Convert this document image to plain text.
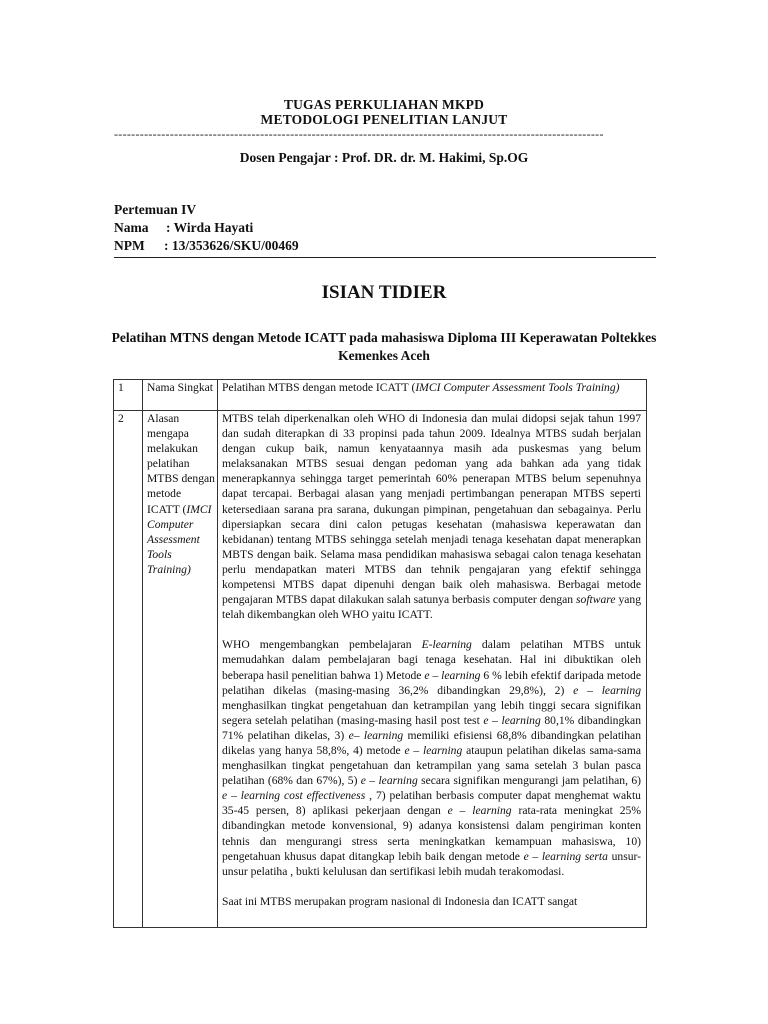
TUGAS PERKULIAHAN MKPD
METODOLOGI PENELITIAN LANJUT
------------------------------------------------------------------------------------------------------------------
Dosen Pengajar : Prof. DR. dr. M. Hakimi, Sp.OG
Pertemuan IV
Nama : Wirda Hayati
NPM : 13/353626/SKU/00469
ISIAN TIDIER
Pelatihan MTNS dengan Metode ICATT pada mahasiswa Diploma III Keperawatan Poltekkes Kemenkes Aceh
1	Nama Singkat	Pelatihan MTBS dengan metode ICATT (IMCI Computer Assessment Tools Training)
2	Alasan mengapa melakukan pelatihan MTBS dengan metode ICATT (IMCI Computer Assessment Tools Training)	MTBS telah diperkenalkan oleh WHO di Indonesia dan mulai didopsi sejak tahun 1997 dan sudah diterapkan di 33 propinsi pada tahun 2009. Idealnya MTBS sudah berjalan dengan cukup baik, namun kenyataannya masih ada puskesmas yang belum melaksanakan MTBS sesuai dengan pedoman yang ada bahkan ada yang tidak menerapkannya sehingga target pemerintah 60% penerapan MTBS belum sepenuhnya dapat tercapai. Berbagai alasan yang menjadi pertimbangan penerapan MTBS seperti ketersediaan sarana pra sarana, dukungan pimpinan, pengetahuan dan sebagainya. Perlu dipersiapkan secara dini calon petugas kesehatan (mahasiswa keperawatan dan kebidanan) tentang MTBS sehingga setelah menjadi tenaga kesehatan dapat menerapkan MBTS dengan baik. Selama masa pendidikan mahasiswa sebagai calon tenaga kesehatan perlu mendapatkan materi MTBS dan tehnik pengajaran yang efektif sehingga kompetensi MTBS dapat dipenuhi dengan baik oleh mahasiswa. Berbagai metode pengajaran MTBS dapat dilakukan salah satunya berbasis computer dengan software yang telah dikembangkan oleh WHO yaitu ICATT.

WHO mengembangkan pembelajaran E-learning dalam pelatihan MTBS untuk memudahkan dalam pembelajaran bagi tenaga kesehatan. Hal ini dibuktikan oleh beberapa hasil penelitian bahwa 1) Metode e – learning 6 % lebih efektif daripada metode pelatihan dikelas (masing-masing 36,2% dibandingkan 29,8%), 2) e – learning menghasilkan tingkat pengetahuan dan ketrampilan yang lebih tinggi secara signifikan segera setelah pelatihan (masing-masing hasil post test e – learning 80,1% dibandingkan 71% pelatihan dikelas, 3) e– learning memiliki efisiensi 68,8% dibandingkan pelatihan dikelas yang hanya 58,8%, 4) metode e – learning ataupun pelatihan dikelas sama-sama menghasilkan tingkat pengetahuan dan ketrampilan yang sama setelah 3 bulan pasca pelatihan (68% dan 67%), 5) e – learning secara signifikan mengurangi jam pelatihan, 6) e – learning cost effectiveness , 7) pelatihan berbasis computer dapat menghemat waktu 35-45 persen, 8) aplikasi pekerjaan dengan e – learning rata-rata meningkat 25% dibandingkan metode konvensional, 9) adanya konsistensi dalam pengiriman konten tehnis dan mengurangi stress serta meningkatkan kemampuan mahasiswa, 10) pengetahuan khusus dapat ditangkap lebih baik dengan metode e – learning serta unsur-unsur pelatiha , bukti kelulusan dan sertifikasi lebih mudah terakomodasi.

Saat ini MTBS merupakan program nasional di Indonesia dan ICATT sangat
